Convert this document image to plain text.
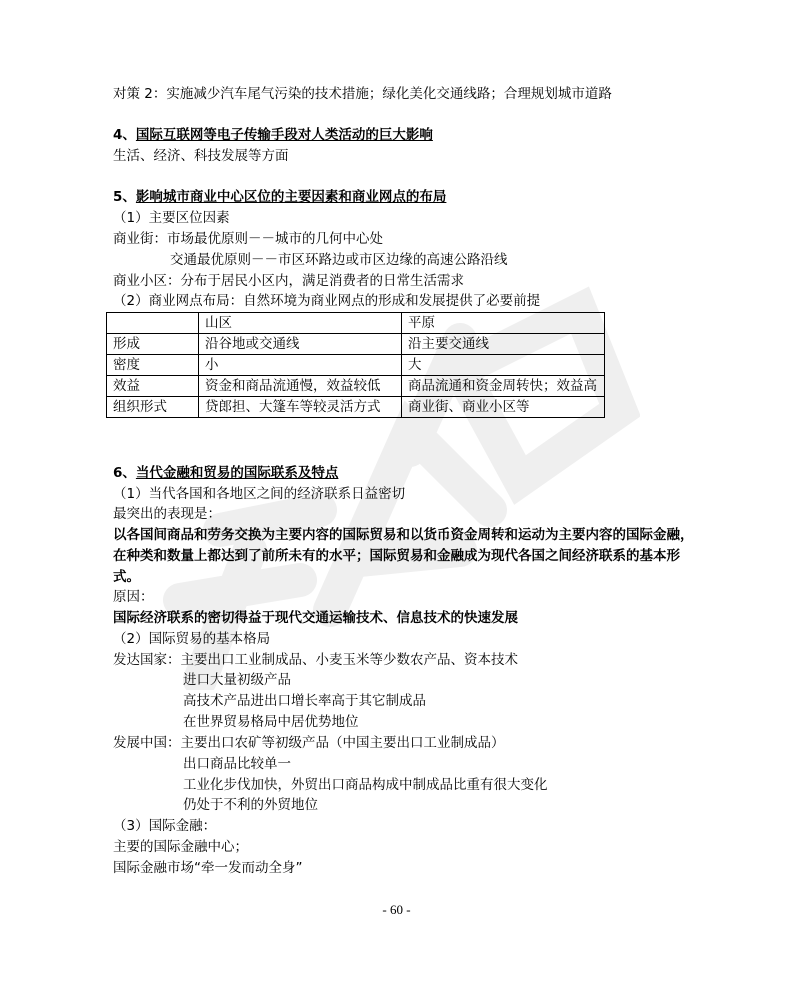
对策 2：实施减少汽车尾气污染的技术措施；绿化美化交通线路；合理规划城市道路
4、国际互联网等电子传输手段对人类活动的巨大影响
生活、经济、科技发展等方面
5、影响城市商业中心区位的主要因素和商业网点的布局
（1）主要区位因素
商业街：市场最优原则－－城市的几何中心处
交通最优原则－－市区环路边或市区边缘的高速公路沿线
商业小区：分布于居民小区内，满足消费者的日常生活需求
（2）商业网点布局：自然环境为商业网点的形成和发展提供了必要前提
	山区	平原
形成	沿谷地或交通线	沿主要交通线
密度	小	大
效益	资金和商品流通慢，效益较低	商品流通和资金周转快；效益高
组织形式	贷郎担、大篷车等较灵活方式	商业街、商业小区等
6、当代金融和贸易的国际联系及特点
（1）当代各国和各地区之间的经济联系日益密切
最突出的表现是：
以各国间商品和劳务交换为主要内容的国际贸易和以货币资金周转和运动为主要内容的国际金融，在种类和数量上都达到了前所未有的水平；国际贸易和金融成为现代各国之间经济联系的基本形式。
原因：
国际经济联系的密切得益于现代交通运输技术、信息技术的快速发展
（2）国际贸易的基本格局
发达国家：主要出口工业制成品、小麦玉米等少数农产品、资本技术
进口大量初级产品
高技术产品进出口增长率高于其它制成品
在世界贸易格局中居优势地位
发展中国：主要出口农矿等初级产品（中国主要出口工业制成品）
出口商品比较单一
工业化步伐加快，外贸出口商品构成中制成品比重有很大变化
仍处于不利的外贸地位
（3）国际金融：
主要的国际金融中心；
国际金融市场“牵一发而动全身”
- 60 -
